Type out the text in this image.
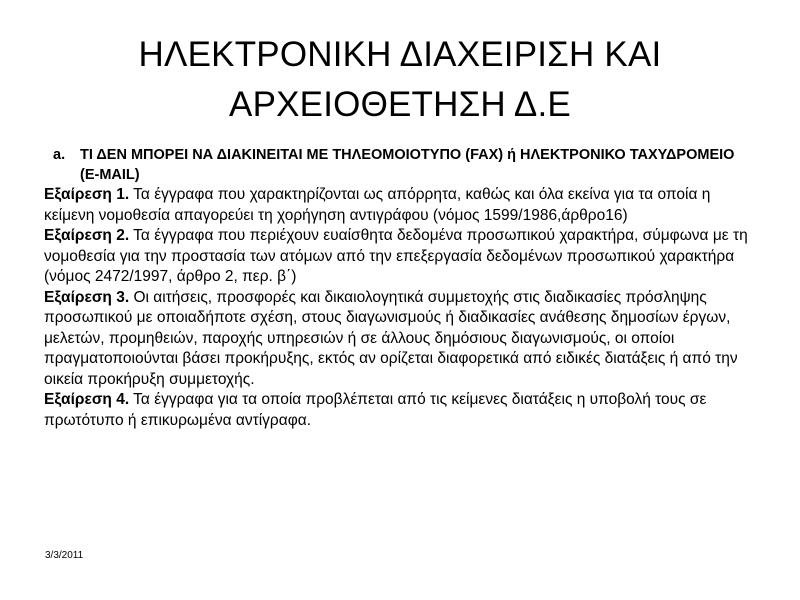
ΗΛΕΚΤΡΟΝΙΚΗ ΔΙΑΧΕΙΡΙΣΗ ΚΑΙ
ΑΡΧΕΙΟΘΕΤΗΣΗ Δ.Ε
a. ΤΙ ΔΕΝ ΜΠΟΡΕΙ ΝΑ ΔΙΑΚΙΝΕΙΤΑΙ ΜΕ ΤΗΛΕΟΜΟΙΟΤΥΠΟ (FAX) ή ΗΛΕΚΤΡΟΝΙΚΟ ΤΑΧΥΔΡΟΜΕΙΟ (E-MAIL)

Εξαίρεση 1. Τα έγγραφα που χαρακτηρίζονται ως απόρρητα, καθώς και όλα εκείνα για τα οποία η κείμενη νομοθεσία απαγορεύει τη χορήγηση αντιγράφου (νόμος 1599/1986,άρθρο16)

Εξαίρεση 2. Τα έγγραφα που περιέχουν ευαίσθητα δεδομένα προσωπικού χαρακτήρα, σύμφωνα με τη νομοθεσία για την προστασία των ατόμων από την επεξεργασία δεδομένων προσωπικού χαρακτήρα (νόμος 2472/1997, άρθρο 2, περ. β΄)

Εξαίρεση 3. Οι αιτήσεις, προσφορές και δικαιολογητικά συμμετοχής στις διαδικασίες πρόσληψης προσωπικού με οποιαδήποτε σχέση, στους διαγωνισμούς ή διαδικασίες ανάθεσης δημοσίων έργων, μελετών, προμηθειών, παροχής υπηρεσιών ή σε άλλους δημόσιους διαγωνισμούς, οι οποίοι πραγματοποιούνται βάσει προκήρυξης, εκτός αν ορίζεται διαφορετικά από ειδικές διατάξεις ή από την οικεία προκήρυξη συμμετοχής.

Εξαίρεση 4. Τα έγγραφα για τα οποία προβλέπεται από τις κείμενες διατάξεις η υποβολή τους σε πρωτότυπο ή επικυρωμένα αντίγραφα.

3/3/2011
